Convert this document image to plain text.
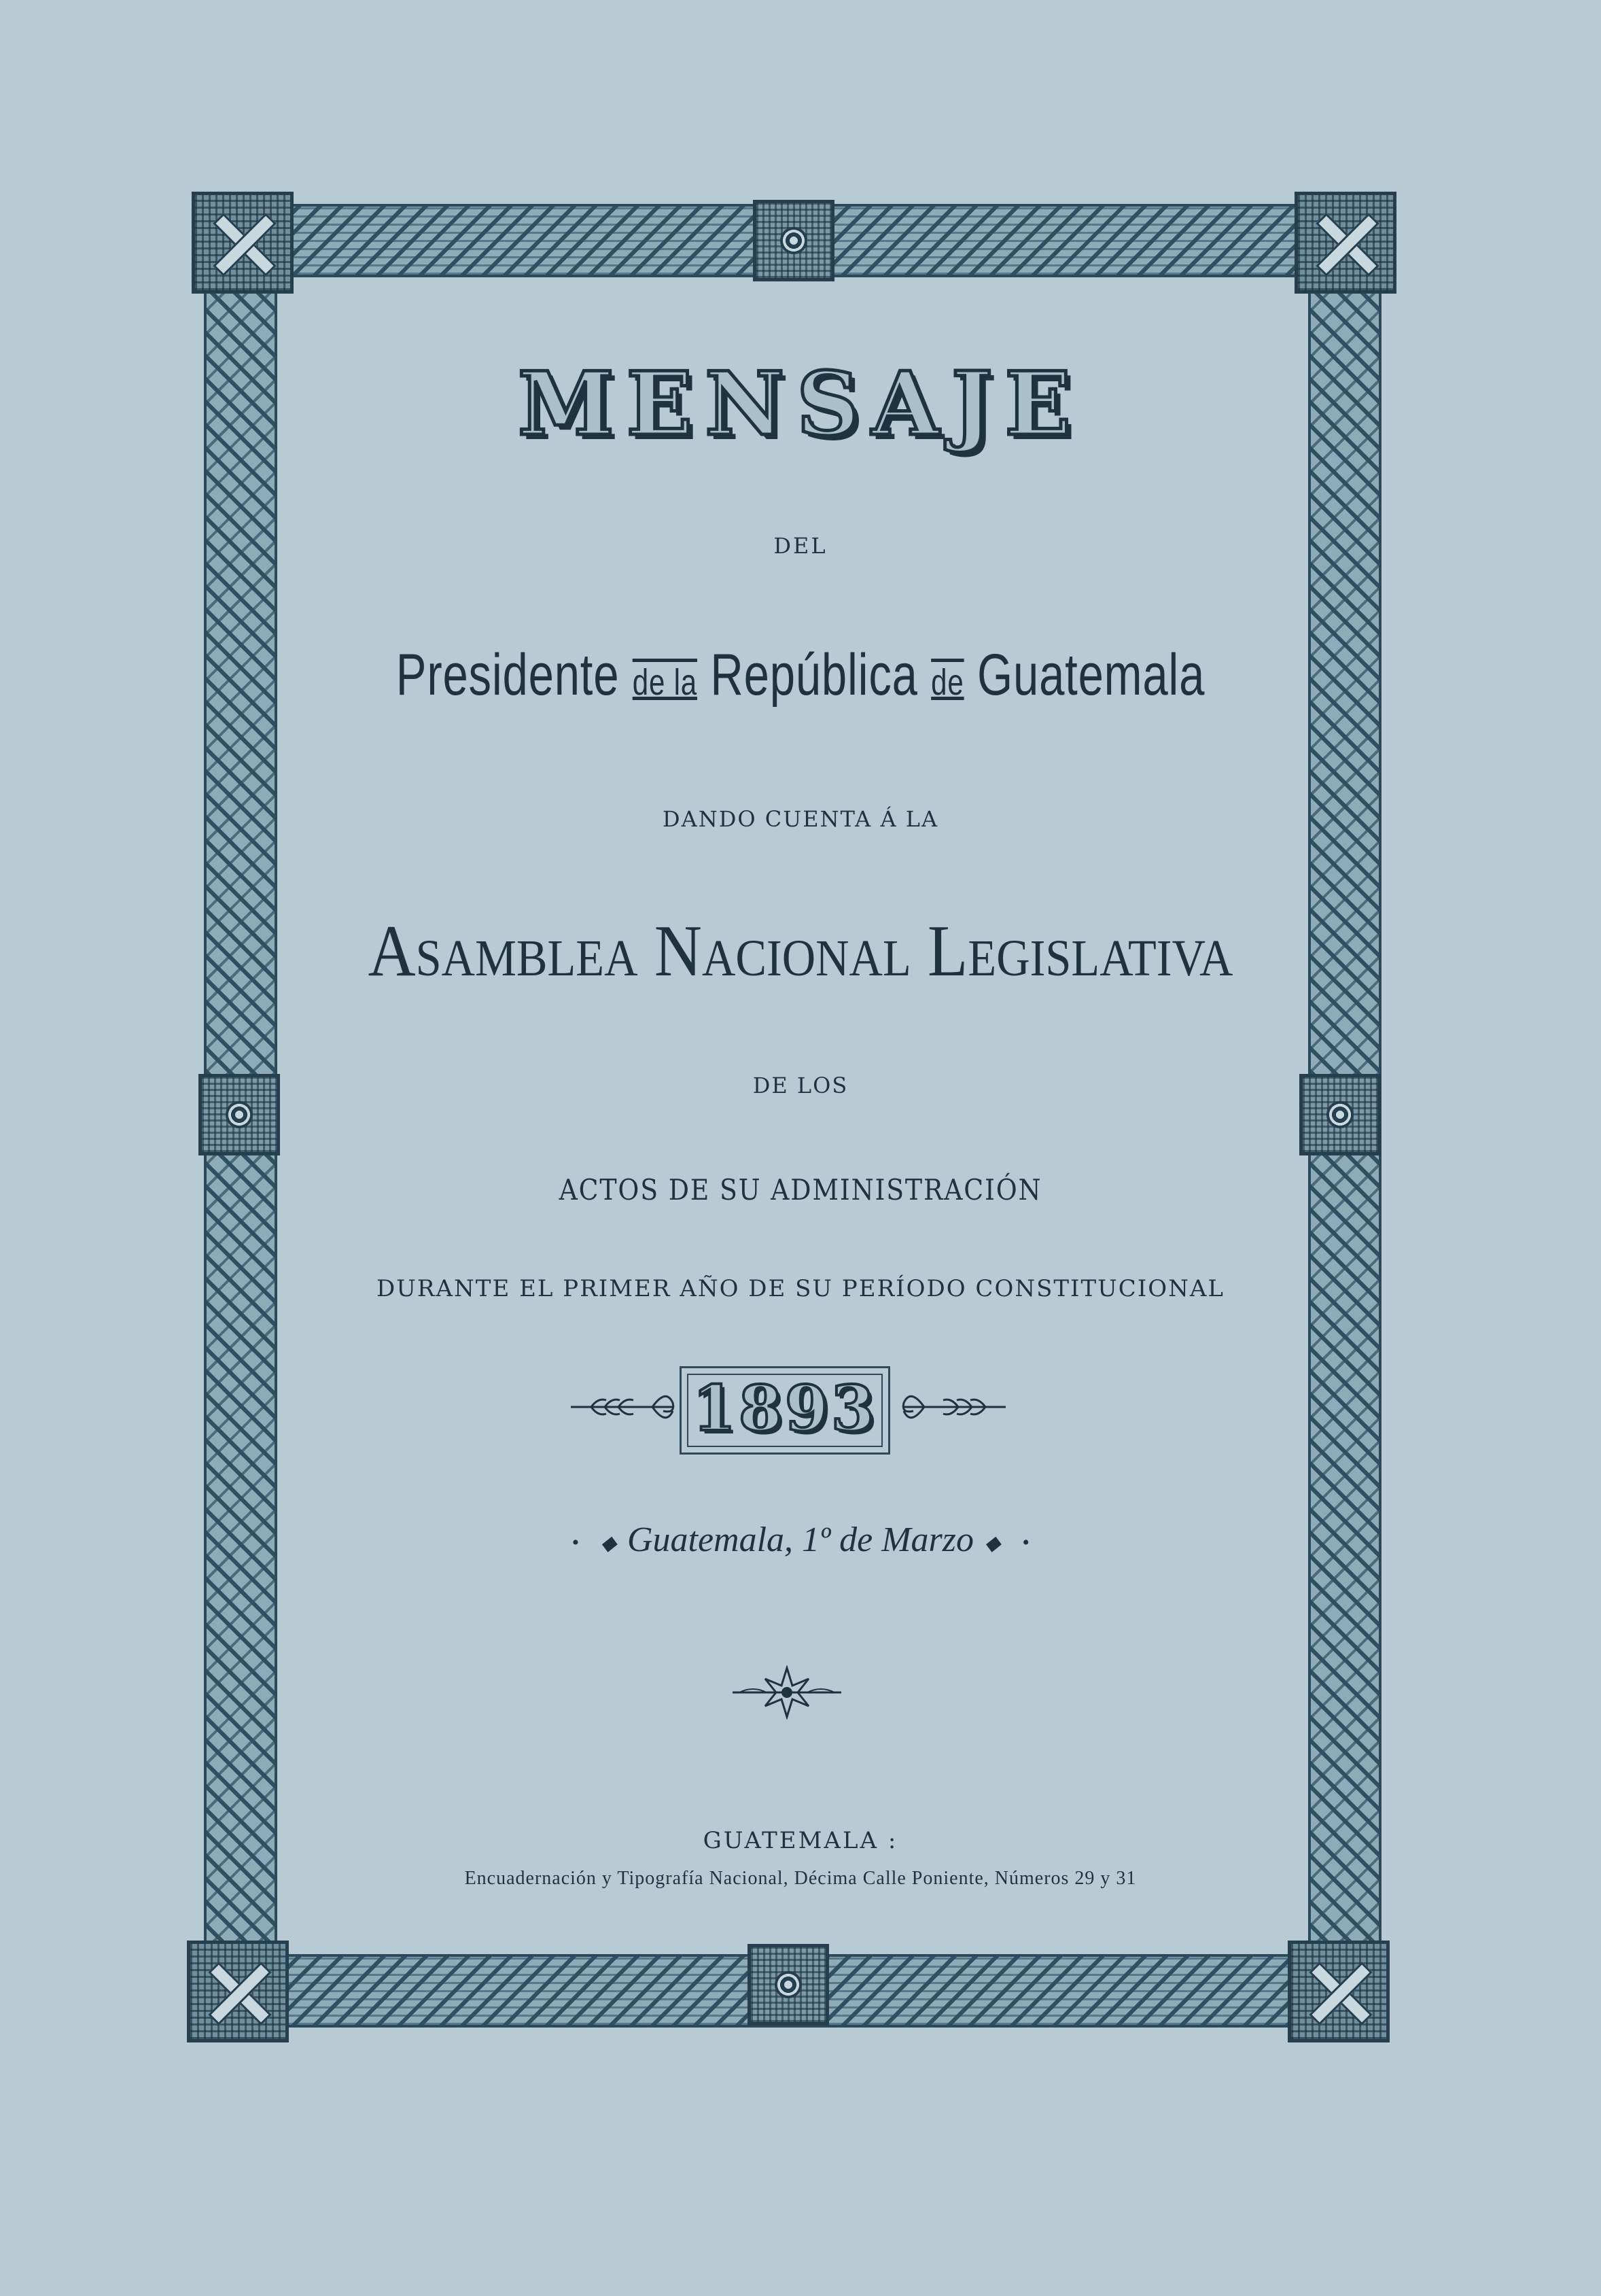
MENSAJE
DEL
Presidente de la República de Guatemala
DANDO CUENTA Á LA
Asamblea Nacional Legislativa
DE LOS
ACTOS DE SU ADMINISTRACIÓN
DURANTE EL PRIMER AÑO DE SU PERÍODO CONSTITUCIONAL
1893
• ◆ Guatemala, 1º de Marzo ◆ •
GUATEMALA :
Encuadernación y Tipografía Nacional, Décima Calle Poniente, Números 29 y 31
